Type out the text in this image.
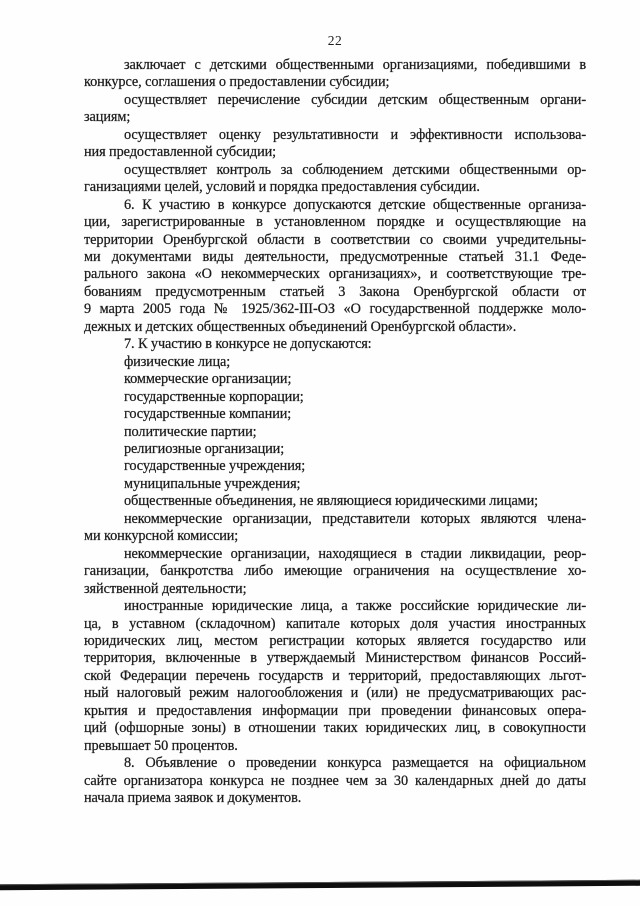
22
заключает с детскими общественными организациями, победившими в
конкурсе, соглашения о предоставлении субсидии;
осуществляет перечисление субсидии детским общественным органи-
зациям;
осуществляет оценку результативности и эффективности использова-
ния предоставленной субсидии;
осуществляет контроль за соблюдением детскими общественными ор-
ганизациями целей, условий и порядка предоставления субсидии.
6. К участию в конкурсе допускаются детские общественные организа-
ции, зарегистрированные в установленном порядке и осуществляющие на
территории Оренбургской области в соответствии со своими учредительны-
ми документами виды деятельности, предусмотренные статьей 31.1 Феде-
рального закона «О некоммерческих организациях», и соответствующие тре-
бованиям предусмотренным статьей 3 Закона Оренбургской области от
9 марта 2005 года № 1925/362-III-ОЗ «О государственной поддержке моло-
дежных и детских общественных объединений Оренбургской области».
7. К участию в конкурсе не допускаются:
физические лица;
коммерческие организации;
государственные корпорации;
государственные компании;
политические партии;
религиозные организации;
государственные учреждения;
муниципальные учреждения;
общественные объединения, не являющиеся юридическими лицами;
некоммерческие организации, представители которых являются члена-
ми конкурсной комиссии;
некоммерческие организации, находящиеся в стадии ликвидации, реор-
ганизации, банкротства либо имеющие ограничения на осуществление хо-
зяйственной деятельности;
иностранные юридические лица, а также российские юридические ли-
ца, в уставном (складочном) капитале которых доля участия иностранных
юридических лиц, местом регистрации которых является государство или
территория, включенные в утверждаемый Министерством финансов Россий-
ской Федерации перечень государств и территорий, предоставляющих льгот-
ный налоговый режим налогообложения и (или) не предусматривающих рас-
крытия и предоставления информации при проведении финансовых опера-
ций (офшорные зоны) в отношении таких юридических лиц, в совокупности
превышает 50 процентов.
8. Объявление о проведении конкурса размещается на официальном
сайте организатора конкурса не позднее чем за 30 календарных дней до даты
начала приема заявок и документов.
